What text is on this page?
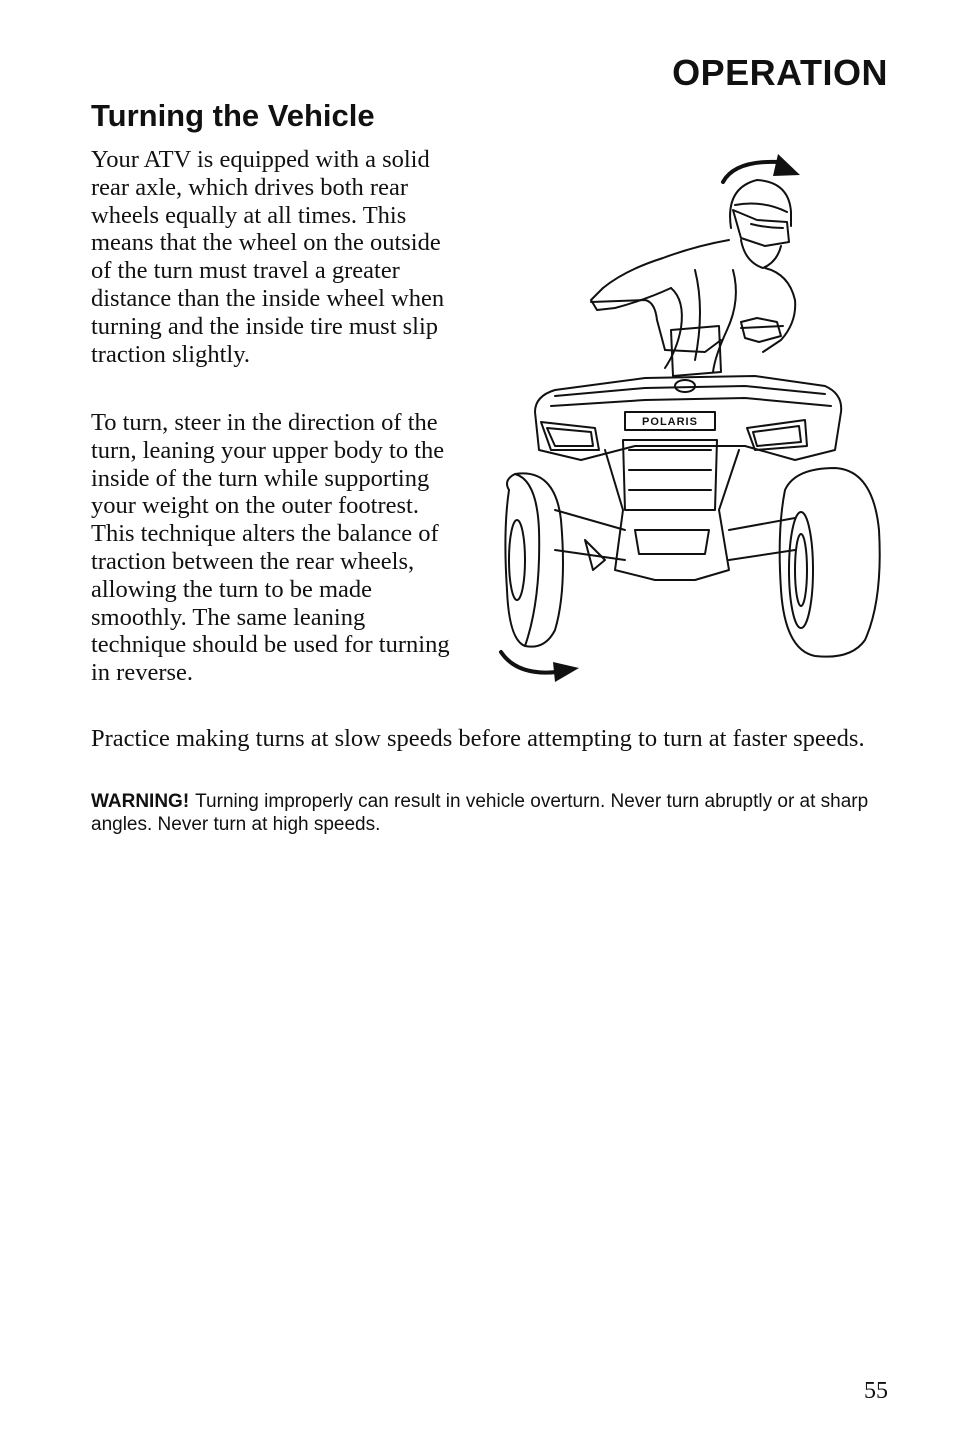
OPERATION
Turning the Vehicle

Your ATV is equipped with a solid rear axle, which drives both rear wheels equally at all times. This means that the wheel on the outside of the turn must travel a greater distance than the inside wheel when turning and the inside tire must slip traction slightly.

To turn, steer in the direction of the turn, leaning your upper body to the inside of the turn while supporting your weight on the outer footrest. This technique alters the balance of traction between the rear wheels, allowing the turn to be made smoothly. The same leaning technique should be used for turning in reverse.

POLARIS

Practice making turns at slow speeds before attempting to turn at faster speeds.

WARNING! Turning improperly can result in vehicle overturn. Never turn abruptly or at sharp angles. Never turn at high speeds.

55
